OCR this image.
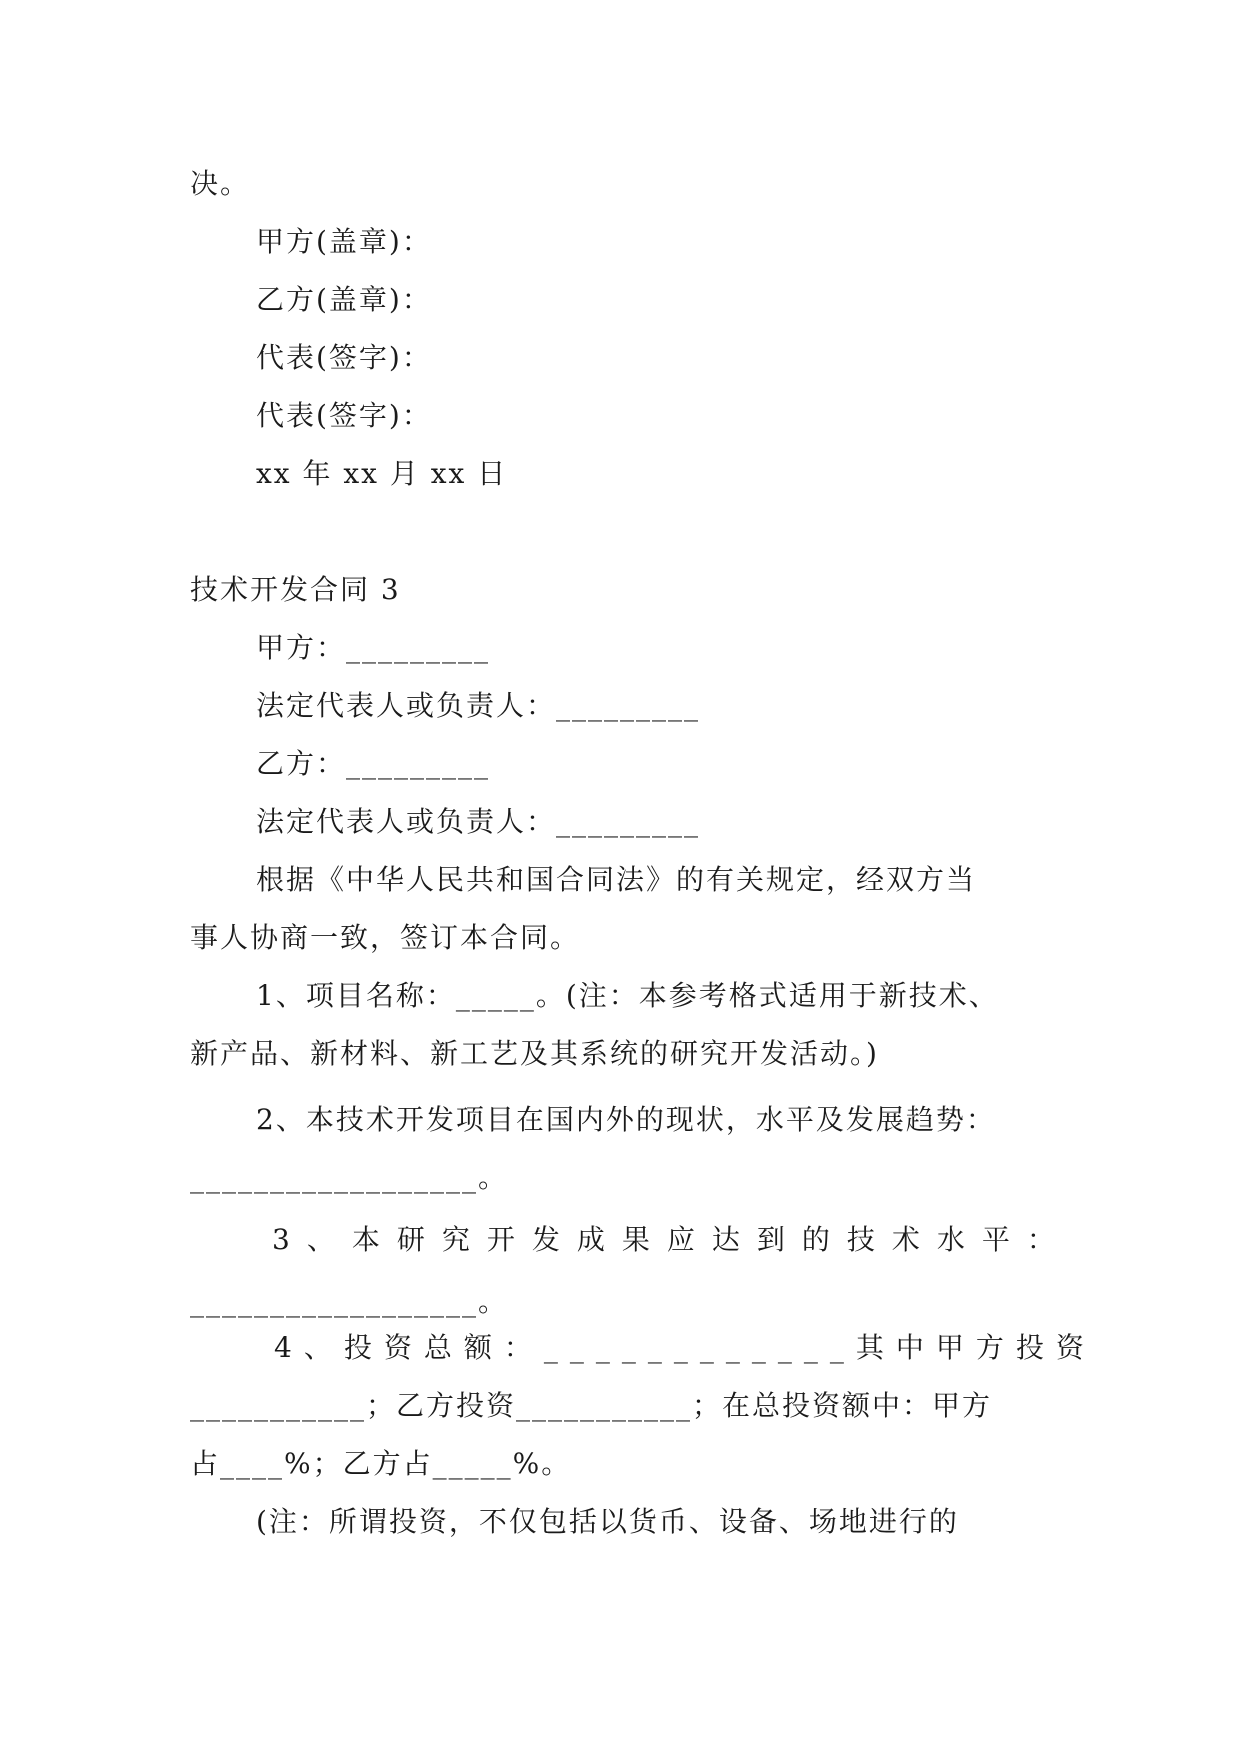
决。
甲方(盖章)：
乙方(盖章)：
代表(签字)：
代表(签字)：
xx 年 xx 月 xx 日
技术开发合同 3
甲方：_________
法定代表人或负责人：_________
乙方：_________
法定代表人或负责人：_________
根据《中华人民共和国合同法》的有关规定，经双方当
事人协商一致，签订本合同。
1、项目名称：_____。(注：本参考格式适用于新技术、
新产品、新材料、新工艺及其系统的研究开发活动。)
2、本技术开发项目在国内外的现状，水平及发展趋势：
__________________。
3、本研究开发成果应达到的技术水平：
__________________。
4、投资总额：____________其中甲方投资
___________；乙方投资___________；在总投资额中：甲方
占____%；乙方占_____%。
(注：所谓投资，不仅包括以货币、设备、场地进行的
